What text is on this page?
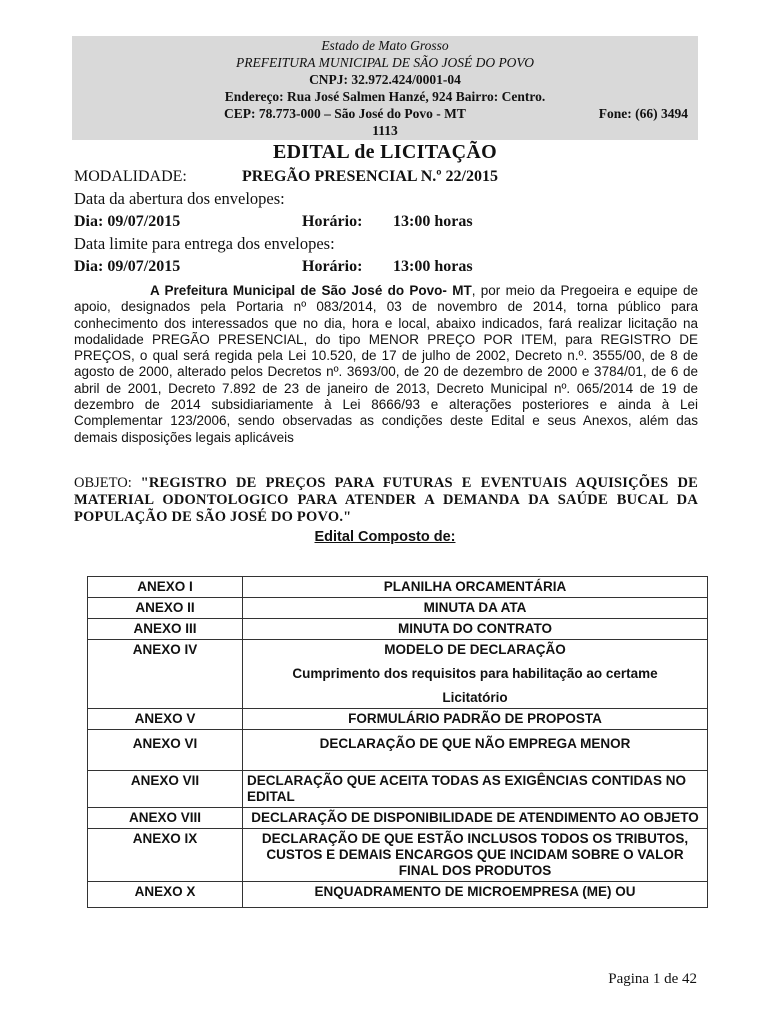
Estado de Mato Grosso
PREFEITURA MUNICIPAL DE SÃO JOSÉ DO POVO
CNPJ: 32.972.424/0001-04
Endereço: Rua José Salmen Hanzé, 924 Bairro: Centro.
CEP: 78.773-000 – São José do Povo - MT	Fone: (66) 3494
1113
EDITAL de LICITAÇÃO
MODALIDADE:	PREGÃO PRESENCIAL N.º 22/2015
Data da abertura dos envelopes:
Dia: 09/07/2015	Horário: 13:00 horas
Data limite para entrega dos envelopes:
Dia: 09/07/2015	Horário: 13:00 horas
A Prefeitura Municipal de São José do Povo- MT, por meio da Pregoeira e equipe de apoio, designados pela Portaria nº 083/2014, 03 de novembro de 2014, torna público para conhecimento dos interessados que no dia, hora e local, abaixo indicados, fará realizar licitação na modalidade PREGÃO PRESENCIAL, do tipo MENOR PREÇO POR ITEM, para REGISTRO DE PREÇOS, o qual será regida pela Lei 10.520, de 17 de julho de 2002, Decreto n.º. 3555/00, de 8 de agosto de 2000, alterado pelos Decretos nº. 3693/00, de 20 de dezembro de 2000 e 3784/01, de 6 de abril de 2001, Decreto 7.892 de 23 de janeiro de 2013, Decreto Municipal nº. 065/2014 de 19 de dezembro de 2014 subsidiariamente à Lei 8666/93 e alterações posteriores e ainda à Lei Complementar 123/2006, sendo observadas as condições deste Edital e seus Anexos, além das demais disposições legais aplicáveis
OBJETO: "REGISTRO DE PREÇOS PARA FUTURAS E EVENTUAIS AQUISIÇÕES DE MATERIAL ODONTOLOGICO PARA ATENDER A DEMANDA DA SAÚDE BUCAL DA POPULAÇÃO DE SÃO JOSÉ DO POVO."
Edital Composto de:
ANEXO I	PLANILHA ORCAMENTÁRIA
ANEXO II	MINUTA DA ATA
ANEXO III	MINUTA DO CONTRATO
ANEXO IV	MODELO DE DECLARAÇÃO
Cumprimento dos requisitos para habilitação ao certame
Licitatório

ANEXO V	FORMULÁRIO PADRÃO DE PROPOSTA
ANEXO VI	DECLARAÇÃO DE QUE NÃO EMPREGA MENOR
ANEXO VII	DECLARAÇÃO QUE ACEITA TODAS AS EXIGÊNCIAS CONTIDAS NO EDITAL
ANEXO VIII	DECLARAÇÃO DE DISPONIBILIDADE DE ATENDIMENTO AO OBJETO
ANEXO IX	DECLARAÇÃO DE QUE ESTÃO INCLUSOS TODOS OS TRIBUTOS, CUSTOS E DEMAIS ENCARGOS QUE INCIDAM SOBRE O VALOR FINAL DOS PRODUTOS
ANEXO X	ENQUADRAMENTO DE MICROEMPRESA (ME) OU
Pagina 1 de 42
